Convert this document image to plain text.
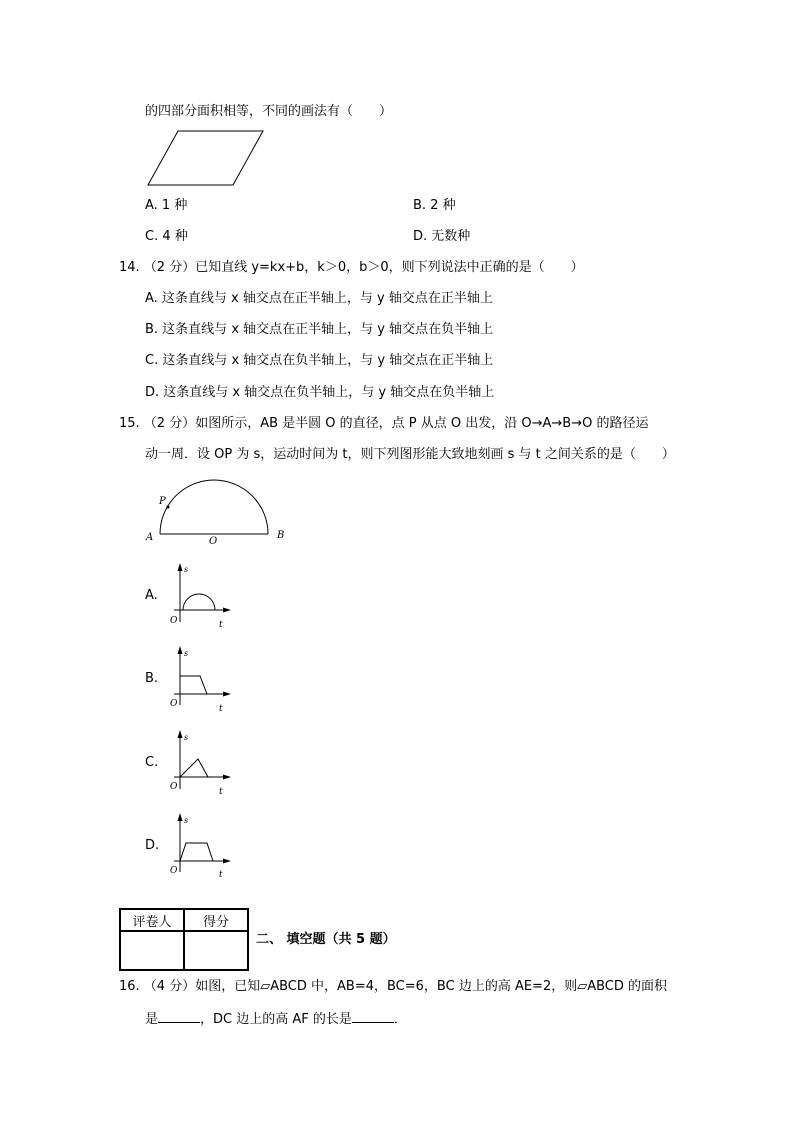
的四部分面积相等，不同的画法有（　　）
A. 1 种	B. 2 种
C. 4 种	D. 无数种
14. （2 分）已知直线 y=kx+b，k＞0，b＞0，则下列说法中正确的是（　　）
A. 这条直线与 x 轴交点在正半轴上，与 y 轴交点在正半轴上
B. 这条直线与 x 轴交点在正半轴上，与 y 轴交点在负半轴上
C. 这条直线与 x 轴交点在负半轴上，与 y 轴交点在正半轴上
D. 这条直线与 x 轴交点在负半轴上，与 y 轴交点在负半轴上
15. （2 分）如图所示，AB 是半圆 O 的直径，点 P 从点 O 出发，沿 O→A→B→O 的路径运
动一周．设 OP 为 s，运动时间为 t，则下列图形能大致地刻画 s 与 t 之间关系的是（　　）
P
A	O
B
A.
s
O	t
B.
s
O	t
C.
s
O	t
D.
s
O	t
评卷人	得分

二、 填空题（共 5 题）
16. （4 分）如图，已知▱ABCD 中，AB=4，BC=6，BC 边上的高 AE=2，则▱ABCD 的面积
是	，DC 边上的高 AF 的长是	．
